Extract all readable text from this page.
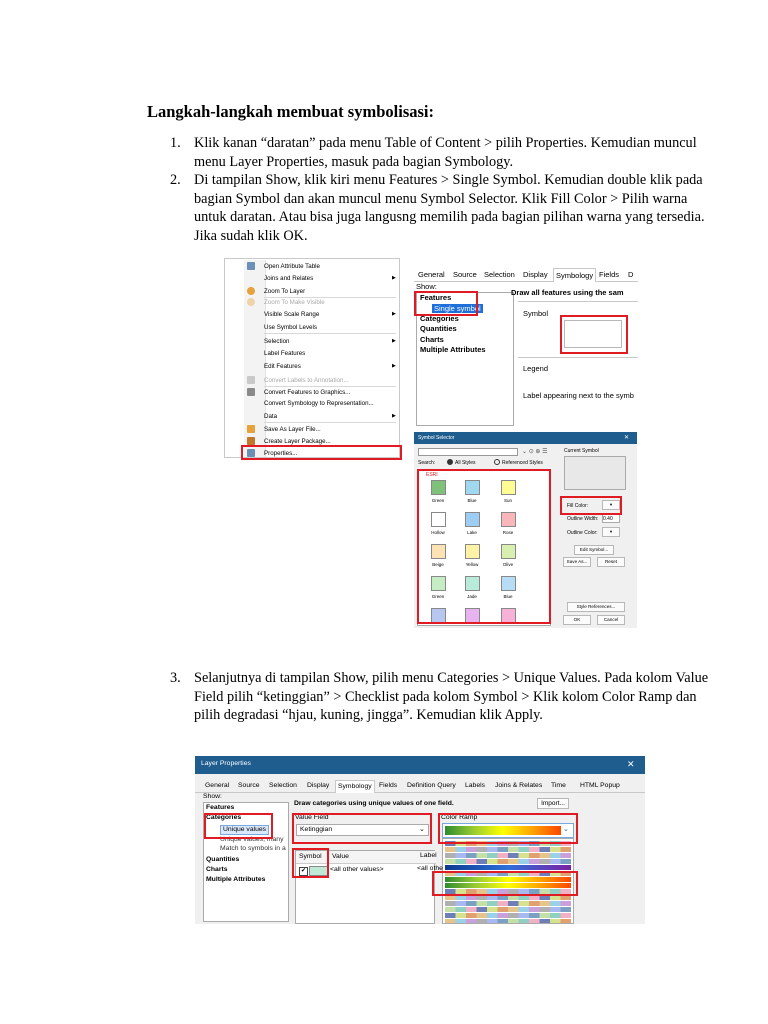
Langkah-langkah membuat symbolisasi:
1. Klik kanan “daratan” pada menu Table of Content > pilih Properties. Kemudian muncul menu Layer Properties, masuk pada bagian Symbology.
2. Di tampilan Show, klik kiri menu Features > Single Symbol. Kemudian double klik pada bagian Symbol dan akan muncul menu Symbol Selector. Klik Fill Color > Pilih warna untuk daratan. Atau bisa juga langusng memilih pada bagian pilihan warna yang tersedia. Jika sudah klik OK.
Open Attribute Table
Joins and Relates	▶
Zoom To Layer
Zoom To Make Visible
Visible Scale Range	▶
Use Symbol Levels
Selection	▶
Label Features
Edit Features	▶
Convert Labels to Annotation...
Convert Features to Graphics...
Convert Symbology to Representation...
Data	▶
Save As Layer File...
Create Layer Package...
Properties...
General Source Selection Display	Symbology Fields D
Show:
Features
Single symbol
Categories
Quantities
Charts
Multiple Attributes
Draw all features using the sam
Symbol
Legend
Label appearing next to the symb
Symbol Selector	✕
⌄ ⊙ ⊕ ☰
Search:	All Styles	Referenced Styles
ESRI
Green	Blue	Sun
Hollow	Lake	Rose
Beige	Yellow	Olive
Green	Jade	Blue
Current Symbol
Fill Color:	▾
Outline Width: 0.40
Outline Color:	▾
Edit Symbol...
Save As...	Reset
Style References...
OK	Cancel
3. Selanjutnya di tampilan Show, pilih menu Categories > Unique Values. Pada kolom Value Field pilih “ketinggian” > Checklist pada kolom Symbol > Klik kolom Color Ramp dan pilih degradasi “hjau, kuning, jingga”. Kemudian klik Apply.
Layer Properties	✕
General Source Selection Display	Symbology	Fields Definition Query Labels Joins & Relates Time HTML Popup
Show:
Features
Categories
Unique values
Unique values, many
Match to symbols in a
Quantities
Charts
Multiple Attributes
Draw categories using unique values of one field.	Import...
Value Field
Ketinggian	⌄
Color Ramp
⌄
Symbol Value
✔	<all other values>
Label
<all othe
